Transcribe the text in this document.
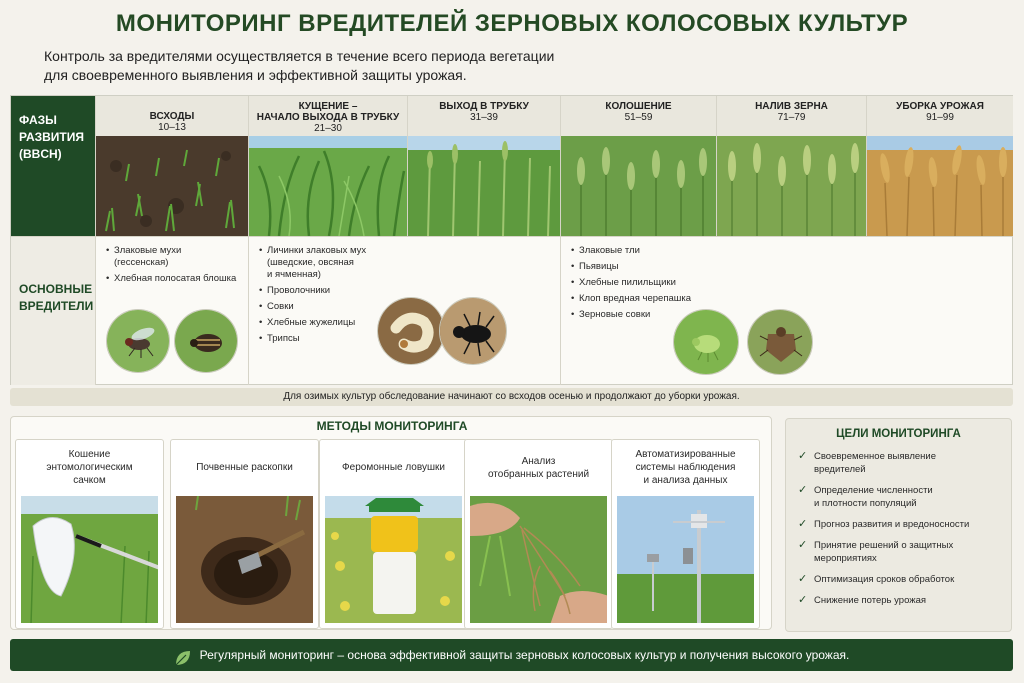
МОНИТОРИНГ ВРЕДИТЕЛЕЙ ЗЕРНОВЫХ КОЛОСОВЫХ КУЛЬТУР
Контроль за вредителями осуществляется в течение всего периода вегетации
для своевременного выявления и эффективной защиты урожая.
ФАЗЫ
РАЗВИТИЯ
(BBCH)
ВСХОДЫ
10–13
КУЩЕНИЕ –
НАЧАЛО ВЫХОДА В ТРУБКУ
21–30
ВЫХОД В ТРУБКУ
31–39
КОЛОШЕНИЕ
51–59
НАЛИВ ЗЕРНА
71–79
УБОРКА УРОЖАЯ
91–99
ОСНОВНЫЕ
ВРЕДИТЕЛИ
• Злаковые мухи
(гессенская)
• Хлебная полосатая блошка
• Личинки злаковых мух
(шведские, овсяная
и ячменная)
• Проволочники
• Совки
• Хлебные жужелицы
• Трипсы
• Злаковые тли
• Пьявицы
• Хлебные пилильщики
• Клоп вредная черепашка
• Зерновые совки
Для озимых культур обследование начинают со всходов осенью и продолжают до уборки урожая.
МЕТОДЫ МОНИТОРИНГА
Кошение
энтомологическим
сачком
Почвенные раскопки	Феромонные ловушки
Анализ
отобранных растений
Автоматизированные
системы наблюдения
и анализа данных
ЦЕЛИ МОНИТОРИНГА
✓ Своевременное выявление
вредителей
✓ Определение численности
и плотности популяций
✓ Прогноз развития и вредоносности
✓ Принятие решений о защитных
мероприятиях
✓ Оптимизация сроков обработок
✓ Снижение потерь урожая
Регулярный мониторинг – основа эффективной защиты зерновых колосовых культур и получения высокого урожая.
